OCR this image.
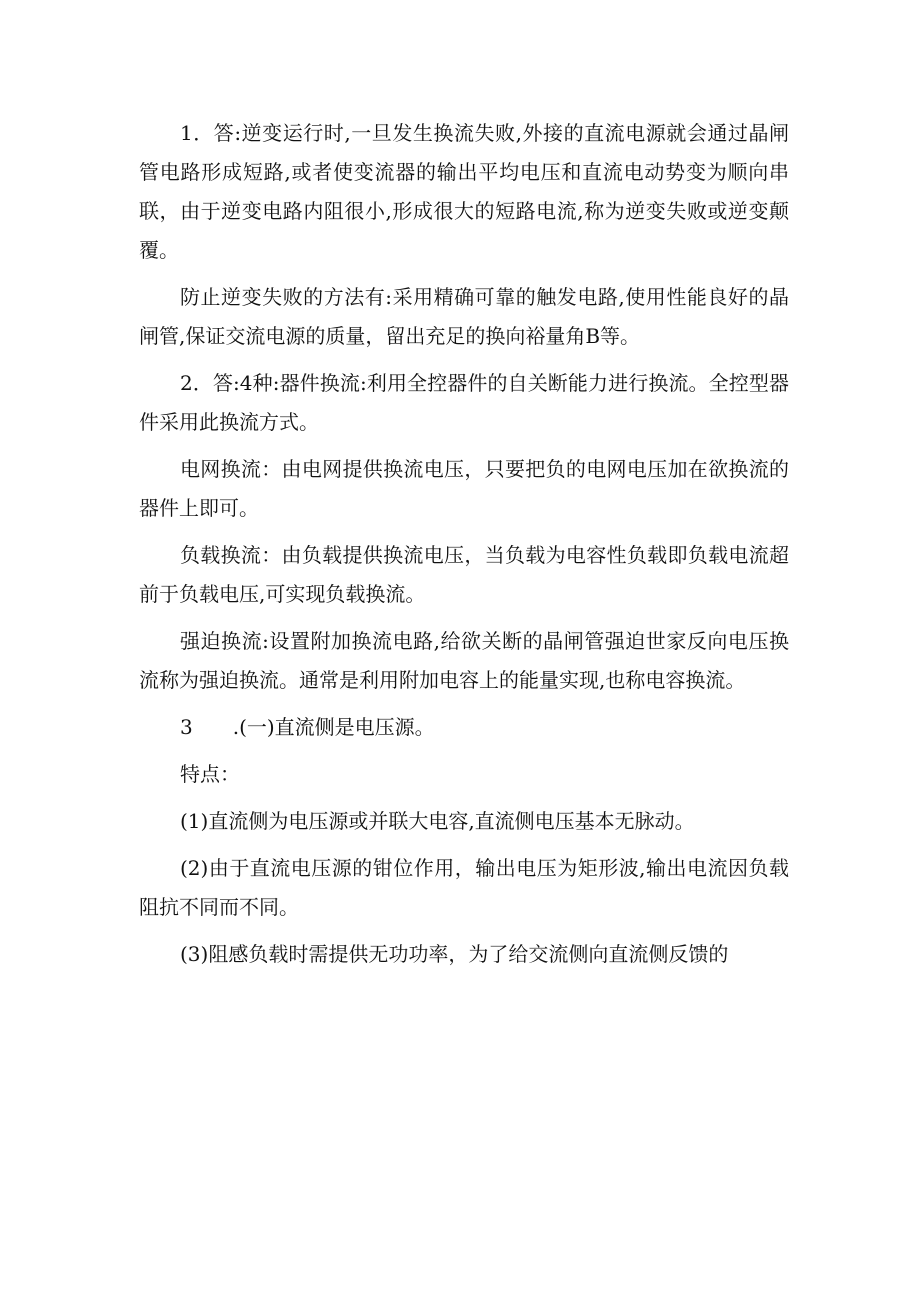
1．答:逆变运行时,一旦发生换流失败,外接的直流电源就会通过晶闸管电路形成短路,或者使变流器的输出平均电压和直流电动势变为顺向串联，由于逆变电路内阻很小,形成很大的短路电流,称为逆变失败或逆变颠覆。

防止逆变失败的方法有:采用精确可靠的触发电路,使用性能良好的晶闸管,保证交流电源的质量，留出充足的换向裕量角B等。

2．答:4种:器件换流:利用全控器件的自关断能力进行换流。全控型器件采用此换流方式。

电网换流：由电网提供换流电压，只要把负的电网电压加在欲换流的器件上即可。

负载换流：由负载提供换流电压，当负载为电容性负载即负载电流超前于负载电压,可实现负载换流。

强迫换流:设置附加换流电路,给欲关断的晶闸管强迫世家反向电压换流称为强迫换流。通常是利用附加电容上的能量实现,也称电容换流。

3　　.(一)直流侧是电压源。

特点：

(1)直流侧为电压源或并联大电容,直流侧电压基本无脉动。

(2)由于直流电压源的钳位作用，输出电压为矩形波,输出电流因负载阻抗不同而不同。

(3)阻感负载时需提供无功功率，为了给交流侧向直流侧反馈的
